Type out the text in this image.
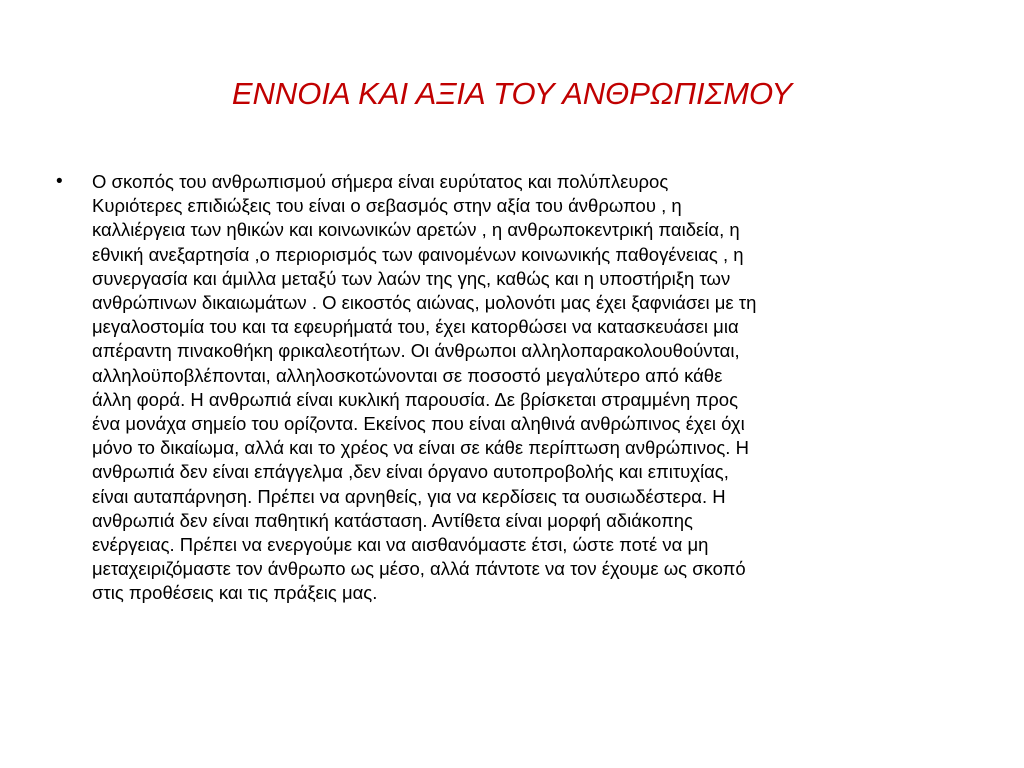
ΕΝΝΟΙΑ ΚΑΙ ΑΞΙΑ ΤΟΥ ΑΝΘΡΩΠΙΣΜΟΥ
• Ο σκοπός του ανθρωπισμού σήμερα είναι ευρύτατος και πολύπλευρος
Κυριότερες επιδιώξεις του είναι ο σεβασμός στην αξία του άνθρωπου , η
καλλιέργεια των ηθικών και κοινωνικών αρετών , η ανθρωποκεντρική παιδεία, η
εθνική ανεξαρτησία ,ο περιορισμός των φαινομένων κοινωνικής παθογένειας , η
συνεργασία και άμιλλα μεταξύ των λαών της γης, καθώς και η υποστήριξη των
ανθρώπινων δικαιωμάτων . Ο εικοστός αιώνας, μολονότι μας έχει ξαφνιάσει με τη
μεγαλοστομία του και τα εφευρήματά του, έχει κατορθώσει να κατασκευάσει μια
απέραντη πινακοθήκη φρικαλεοτήτων. Οι άνθρωποι αλληλοπαρακολουθούνται,
αλληλοϋποβλέπονται, αλληλοσκοτώνονται σε ποσοστό μεγαλύτερο από κάθε
άλλη φορά. Η ανθρωπιά είναι κυκλική παρουσία. Δε βρίσκεται στραμμένη προς
ένα μονάχα σημείο του ορίζοντα. Εκείνος που είναι αληθινά ανθρώπινος έχει όχι
μόνο το δικαίωμα, αλλά και το χρέος να είναι σε κάθε περίπτωση ανθρώπινος. Η
ανθρωπιά δεν είναι επάγγελμα ,δεν είναι όργανο αυτοπροβολής και επιτυχίας,
είναι αυταπάρνηση. Πρέπει να αρνηθείς, για να κερδίσεις τα ουσιωδέστερα. Η
ανθρωπιά δεν είναι παθητική κατάσταση. Αντίθετα είναι μορφή αδιάκοπης
ενέργειας. Πρέπει να ενεργούμε και να αισθανόμαστε έτσι, ώστε ποτέ να μη
μεταχειριζόμαστε τον άνθρωπο ως μέσο, αλλά πάντοτε να τον έχουμε ως σκοπό
στις προθέσεις και τις πράξεις μας.
